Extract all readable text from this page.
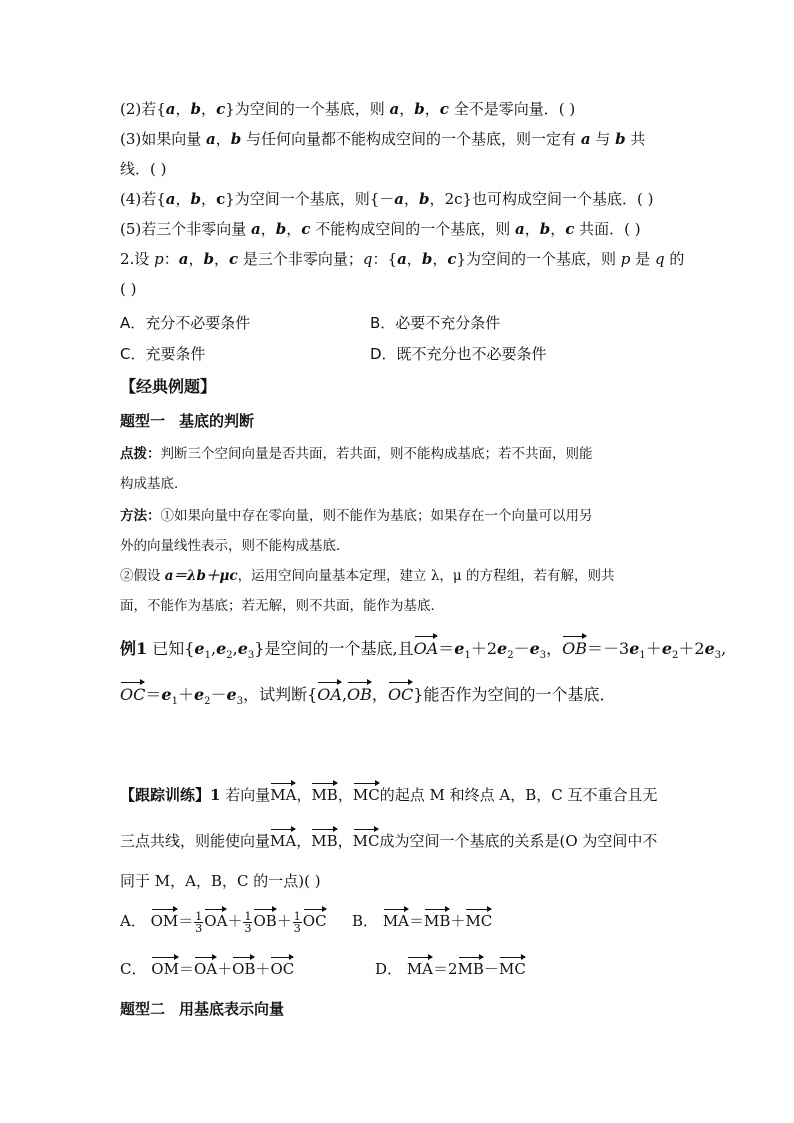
(2)若{a，b，c}为空间的一个基底，则 a，b，c 全不是零向量．( )
(3)如果向量 a，b 与任何向量都不能构成空间的一个基底，则一定有 a 与 b 共
线．( )
(4)若{a，b，c}为空间一个基底，则{－a，b，2c}也可构成空间一个基底．( )
(5)若三个非零向量 a，b，c 不能构成空间的一个基底，则 a，b，c 共面．( )
2.设 p：a，b，c 是三个非零向量；q：{a，b，c}为空间的一个基底，则 p 是 q 的
( )
A．充分不必要条件	B．必要不充分条件
C．充要条件	D．既不充分也不必要条件
【经典例题】
题型一 基底的判断
点拨：判断三个空间向量是否共面，若共面，则不能构成基底；若不共面，则能
构成基底．
方法：①如果向量中存在零向量，则不能作为基底；如果存在一个向量可以用另
外的向量线性表示，则不能构成基底．
②假设 a＝λb＋μc，运用空间向量基本定理，建立 λ，μ 的方程组，若有解，则共
面，不能作为基底；若无解，则不共面，能作为基底．
例1 已知$\{e_1,e_2,e_3\}$是空间的一个基底,且$OA=e_1+2e_2-e_3$，$OB=-3e_1+e_2+2e_3$,
$OC=e_1+e_2-e_3$，试判断{OA,OB，OC}能否作为空间的一个基底．
【跟踪训练】1 若向量MA，MB，MC的起点 M 和终点 A，B，C 互不重合且无
三点共线，则能使向量MA，MB，MC成为空间一个基底的关系是(O 为空间中不
同于 M，A，B，C 的一点)( )
A． $OM= \frac{1}{3} OA+ \frac{1}{3} OB+ \frac{1}{3}$ OC B． MA＝MB＋MC
C． OM＝OA＋OB＋OC	D． MA＝2MB－MC
题型二 用基底表示向量
